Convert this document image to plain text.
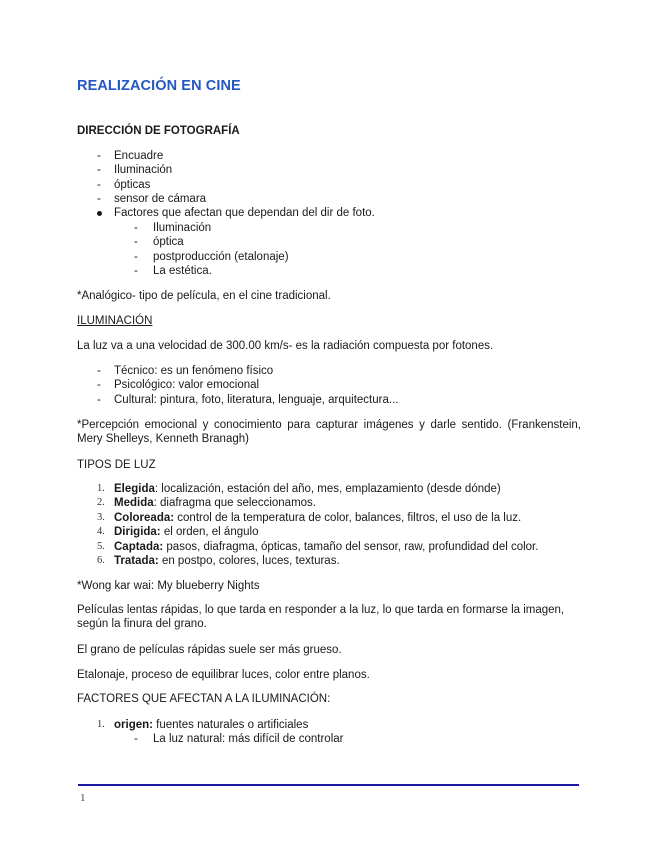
REALIZACIÓN EN CINE
DIRECCIÓN DE FOTOGRAFÍA
- Encuadre
- Iluminación
- ópticas
- sensor de cámara
Factores que afectan que dependan del dir de foto.
- Iluminación
- óptica
- postproducción (etalonaje)
- La estética.
*Analógico- tipo de película, en el cine tradicional.
ILUMINACIÓN
La luz va a una velocidad de 300.00 km/s- es la radiación compuesta por fotones.
- Técnico: es un fenómeno físico
- Psicológico: valor emocional
- Cultural: pintura, foto, literatura, lenguaje, arquitectura...
*Percepción emocional y conocimiento para capturar imágenes y darle sentido. (Frankenstein, Mery Shelleys, Kenneth Branagh)
TIPOS DE LUZ
1. Elegida: localización, estación del año, mes, emplazamiento (desde dónde)
2. Medida: diafragma que seleccionamos.
3. Coloreada: control de la temperatura de color, balances, filtros, el uso de la luz.
4. Dirigida: el orden, el ángulo
5. Captada: pasos, diafragma, ópticas, tamaño del sensor, raw, profundidad del color.
6. Tratada: en postpo, colores, luces, texturas.
*Wong kar wai: My blueberry Nights
Películas lentas rápidas, lo que tarda en responder a la luz, lo que tarda en formarse la imagen, según la finura del grano.
El grano de películas rápidas suele ser más grueso.
Etalonaje, proceso de equilibrar luces, color entre planos.
FACTORES QUE AFECTAN A LA ILUMINACIÓN:
1. origen: fuentes naturales o artificiales
- La luz natural: más difícil de controlar
1
